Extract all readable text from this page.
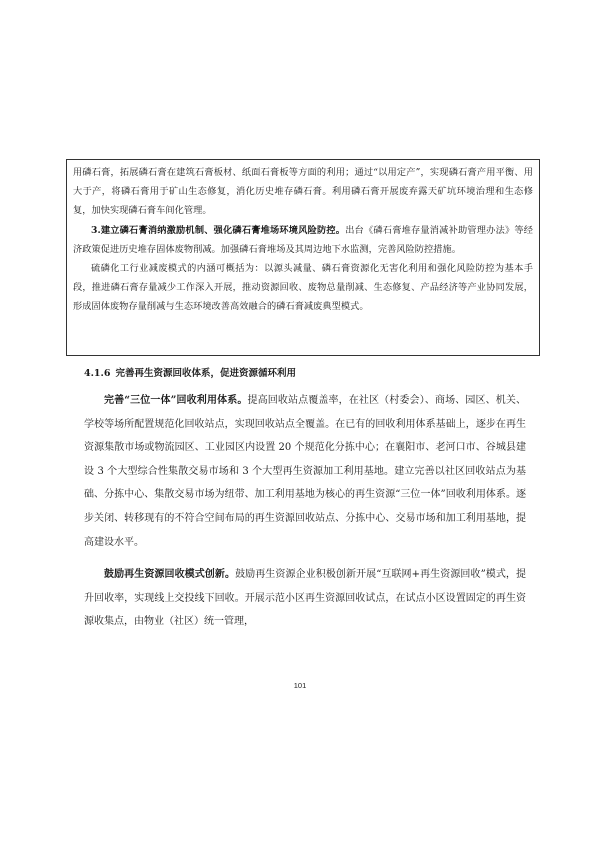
用磷石膏，拓展磷石膏在建筑石膏板材、纸面石膏板等方面的利用；通过“以用定产”，实现磷石膏产用平衡、用大于产，将磷石膏用于矿山生态修复，消化历史堆存磷石膏。利用磷石膏开展废弃露天矿坑环境治理和生态修复，加快实现磷石膏车间化管理。

3.建立磷石膏消纳激励机制、强化磷石膏堆场环境风险防控。出台《磷石膏堆存量消减补助管理办法》等经济政策促进历史堆存固体废物削减。加强磷石膏堆场及其周边地下水监测，完善风险防控措施。

硫磷化工行业减废模式的内涵可概括为：以源头减量、磷石膏资源化无害化利用和强化风险防控为基本手段，推进磷石膏存量减少工作深入开展，推动资源回收、废物总量削减、生态修复、产品经济等产业协同发展，形成固体废物存量削减与生态环境改善高效融合的磷石膏减废典型模式。

4.1.6 完善再生资源回收体系，促进资源循环利用

完善“三位一体”回收利用体系。提高回收站点覆盖率，在社区（村委会）、商场、园区、机关、学校等场所配置规范化回收站点，实现回收站点全覆盖。在已有的回收利用体系基础上，逐步在再生资源集散市场或物流园区、工业园区内设置 20 个规范化分拣中心；在襄阳市、老河口市、谷城县建设 3 个大型综合性集散交易市场和 3 个大型再生资源加工利用基地。建立完善以社区回收站点为基础、分拣中心、集散交易市场为纽带、加工利用基地为核心的再生资源“三位一体”回收利用体系。逐步关闭、转移现有的不符合空间布局的再生资源回收站点、分拣中心、交易市场和加工利用基地，提高建设水平。

鼓励再生资源回收模式创新。鼓励再生资源企业积极创新开展“互联网+再生资源回收”模式，提升回收率，实现线上交投线下回收。开展示范小区再生资源回收试点，在试点小区设置固定的再生资源收集点，由物业（社区）统一管理，

101
